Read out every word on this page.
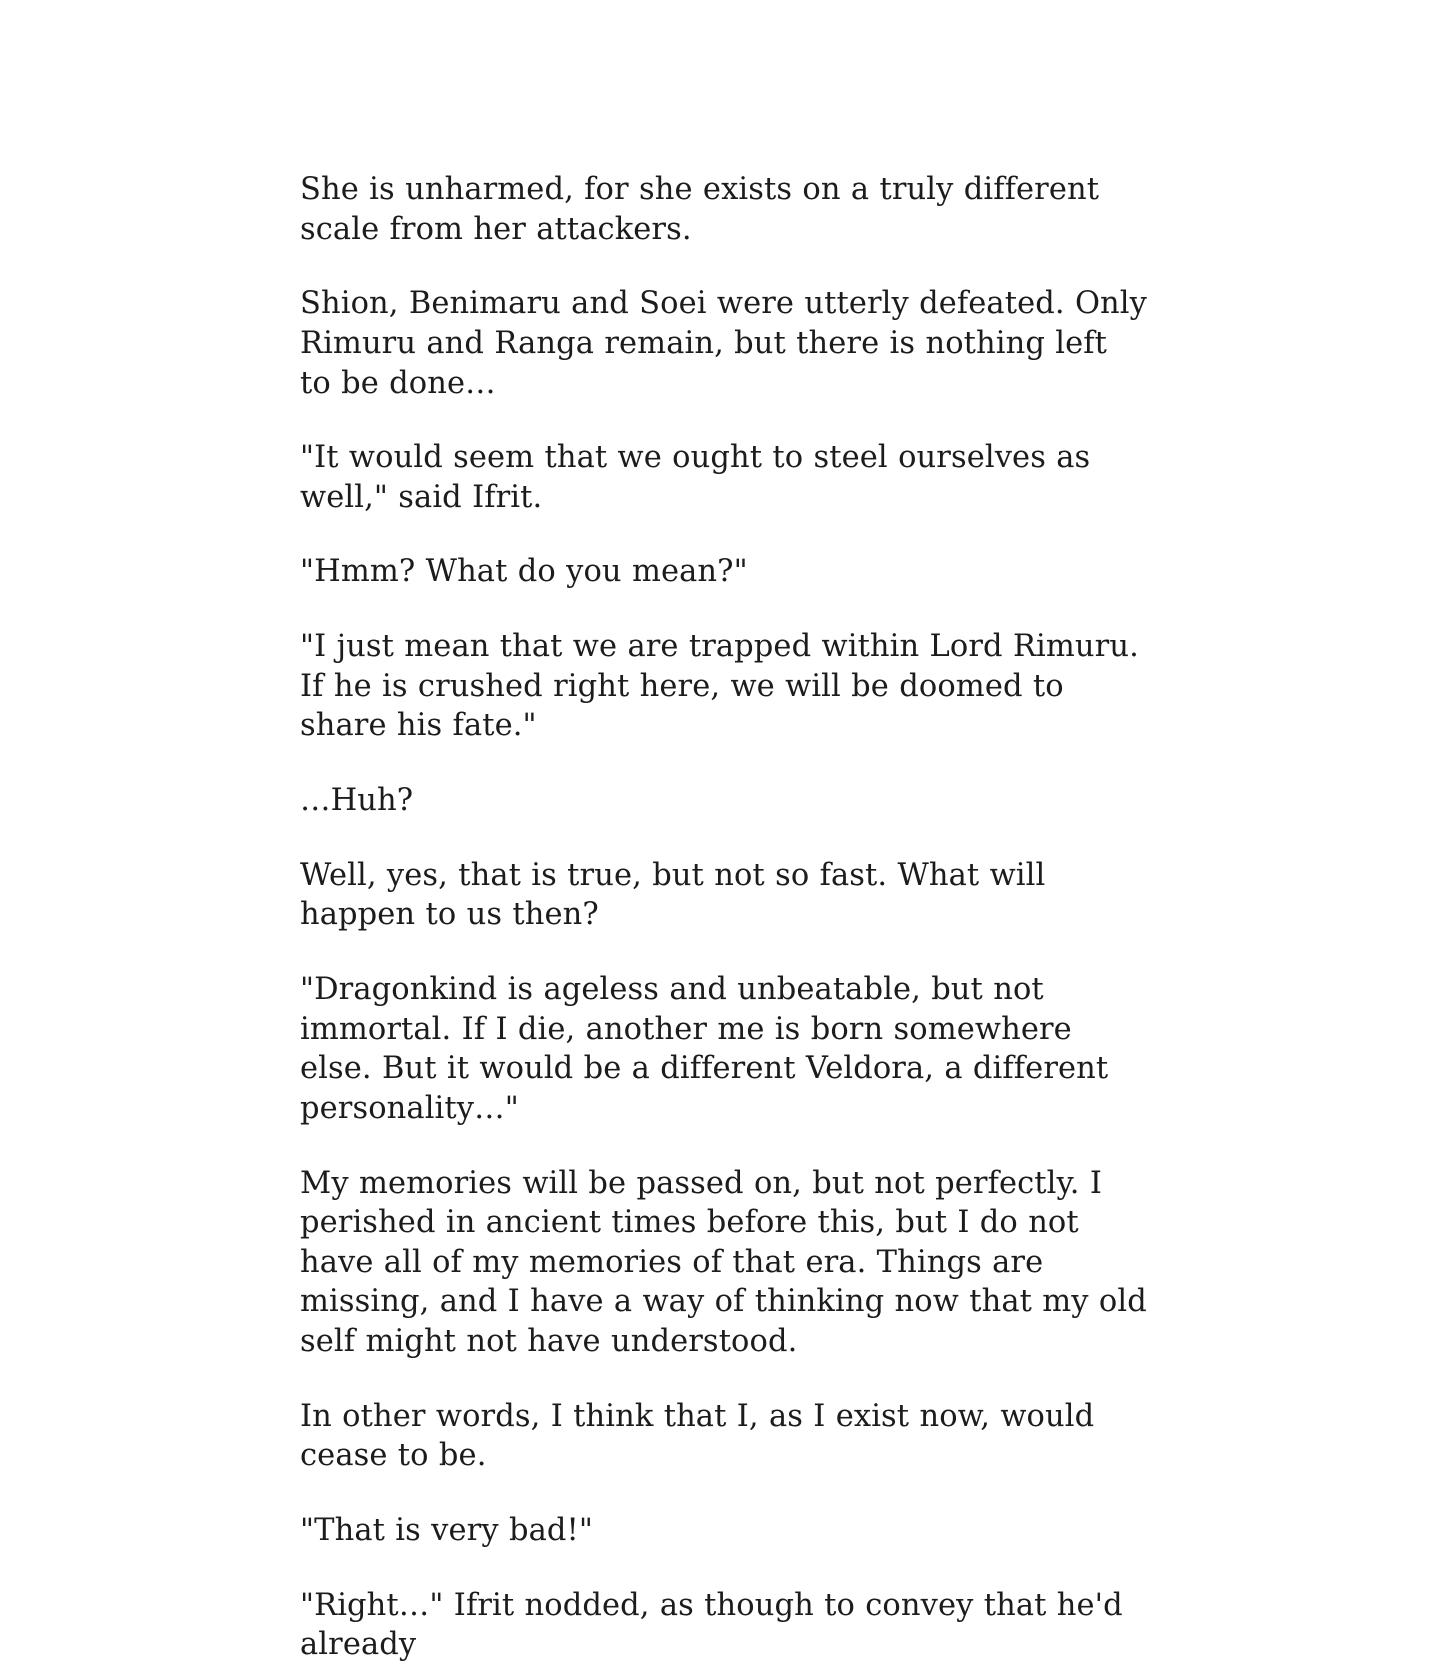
She is unharmed, for she exists on a truly different scale from her attackers.

Shion, Benimaru and Soei were utterly defeated. Only Rimuru and Ranga remain, but there is nothing left to be done…

"It would seem that we ought to steel ourselves as well," said Ifrit.

"Hmm? What do you mean?"

"I just mean that we are trapped within Lord Rimuru. If he is crushed right here, we will be doomed to share his fate."

…Huh?

Well, yes, that is true, but not so fast. What will happen to us then?

"Dragonkind is ageless and unbeatable, but not immortal. If I die, another me is born somewhere else. But it would be a different Veldora, a different personality…"

My memories will be passed on, but not perfectly. I perished in ancient times before this, but I do not have all of my memories of that era. Things are missing, and I have a way of thinking now that my old self might not have understood.

In other words, I think that I, as I exist now, would cease to be.

"That is very bad!"

"Right…" Ifrit nodded, as though to convey that he'd already
